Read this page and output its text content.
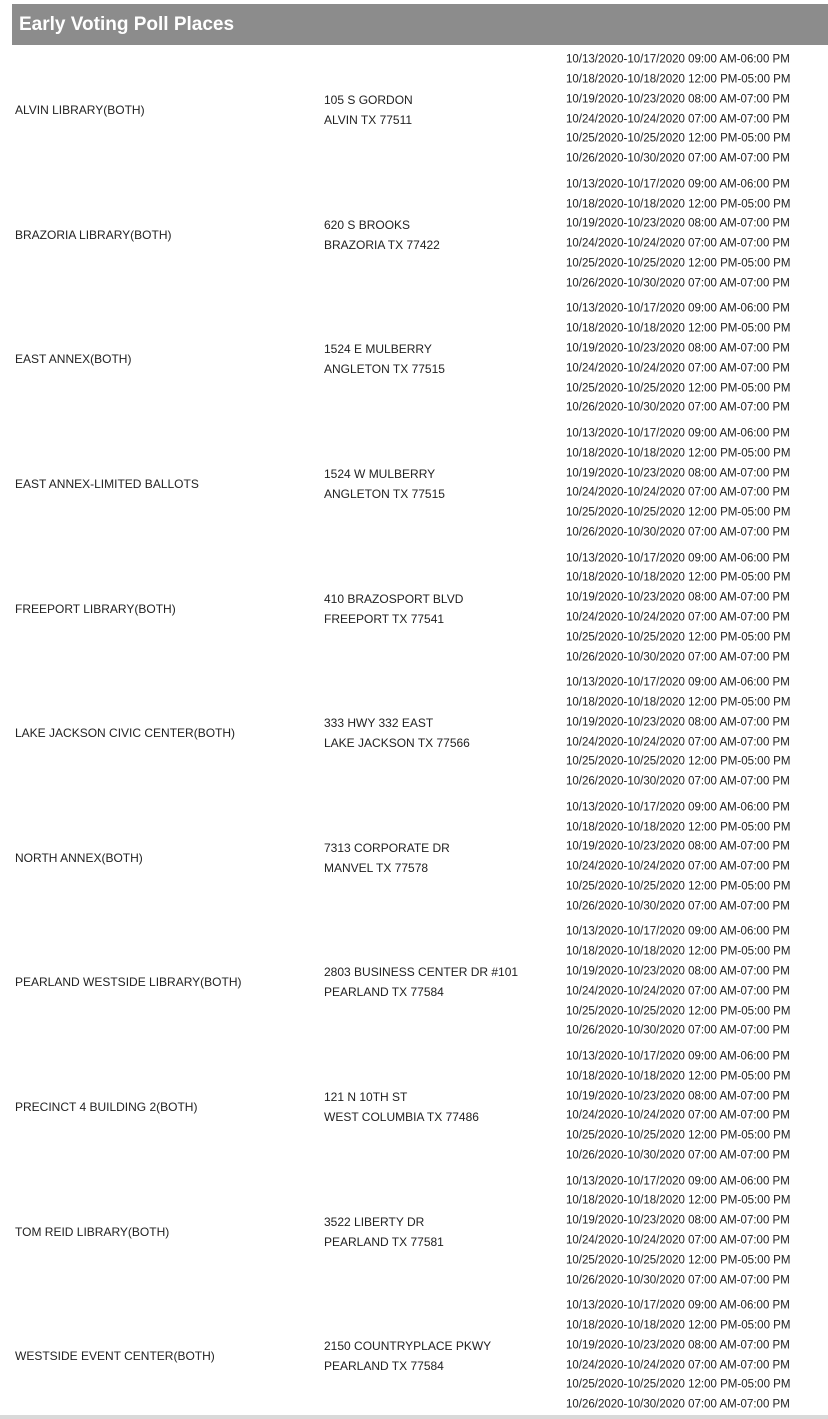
Early Voting Poll Places
ALVIN LIBRARY(BOTH)
105 S GORDON
ALVIN TX 77511
10/13/2020-10/17/2020 09:00 AM-06:00 PM
10/18/2020-10/18/2020 12:00 PM-05:00 PM
10/19/2020-10/23/2020 08:00 AM-07:00 PM
10/24/2020-10/24/2020 07:00 AM-07:00 PM
10/25/2020-10/25/2020 12:00 PM-05:00 PM
10/26/2020-10/30/2020 07:00 AM-07:00 PM
BRAZORIA LIBRARY(BOTH)
620 S BROOKS
BRAZORIA TX 77422
10/13/2020-10/17/2020 09:00 AM-06:00 PM
10/18/2020-10/18/2020 12:00 PM-05:00 PM
10/19/2020-10/23/2020 08:00 AM-07:00 PM
10/24/2020-10/24/2020 07:00 AM-07:00 PM
10/25/2020-10/25/2020 12:00 PM-05:00 PM
10/26/2020-10/30/2020 07:00 AM-07:00 PM
EAST ANNEX(BOTH)
1524 E MULBERRY
ANGLETON TX 77515
10/13/2020-10/17/2020 09:00 AM-06:00 PM
10/18/2020-10/18/2020 12:00 PM-05:00 PM
10/19/2020-10/23/2020 08:00 AM-07:00 PM
10/24/2020-10/24/2020 07:00 AM-07:00 PM
10/25/2020-10/25/2020 12:00 PM-05:00 PM
10/26/2020-10/30/2020 07:00 AM-07:00 PM
EAST ANNEX-LIMITED BALLOTS
1524 W MULBERRY
ANGLETON TX 77515
10/13/2020-10/17/2020 09:00 AM-06:00 PM
10/18/2020-10/18/2020 12:00 PM-05:00 PM
10/19/2020-10/23/2020 08:00 AM-07:00 PM
10/24/2020-10/24/2020 07:00 AM-07:00 PM
10/25/2020-10/25/2020 12:00 PM-05:00 PM
10/26/2020-10/30/2020 07:00 AM-07:00 PM
FREEPORT LIBRARY(BOTH)
410 BRAZOSPORT BLVD
FREEPORT TX 77541
10/13/2020-10/17/2020 09:00 AM-06:00 PM
10/18/2020-10/18/2020 12:00 PM-05:00 PM
10/19/2020-10/23/2020 08:00 AM-07:00 PM
10/24/2020-10/24/2020 07:00 AM-07:00 PM
10/25/2020-10/25/2020 12:00 PM-05:00 PM
10/26/2020-10/30/2020 07:00 AM-07:00 PM
LAKE JACKSON CIVIC CENTER(BOTH)
333 HWY 332 EAST
LAKE JACKSON TX 77566
10/13/2020-10/17/2020 09:00 AM-06:00 PM
10/18/2020-10/18/2020 12:00 PM-05:00 PM
10/19/2020-10/23/2020 08:00 AM-07:00 PM
10/24/2020-10/24/2020 07:00 AM-07:00 PM
10/25/2020-10/25/2020 12:00 PM-05:00 PM
10/26/2020-10/30/2020 07:00 AM-07:00 PM
NORTH ANNEX(BOTH)
7313 CORPORATE DR
MANVEL TX 77578
10/13/2020-10/17/2020 09:00 AM-06:00 PM
10/18/2020-10/18/2020 12:00 PM-05:00 PM
10/19/2020-10/23/2020 08:00 AM-07:00 PM
10/24/2020-10/24/2020 07:00 AM-07:00 PM
10/25/2020-10/25/2020 12:00 PM-05:00 PM
10/26/2020-10/30/2020 07:00 AM-07:00 PM
PEARLAND WESTSIDE LIBRARY(BOTH)
2803 BUSINESS CENTER DR #101
PEARLAND TX 77584
10/13/2020-10/17/2020 09:00 AM-06:00 PM
10/18/2020-10/18/2020 12:00 PM-05:00 PM
10/19/2020-10/23/2020 08:00 AM-07:00 PM
10/24/2020-10/24/2020 07:00 AM-07:00 PM
10/25/2020-10/25/2020 12:00 PM-05:00 PM
10/26/2020-10/30/2020 07:00 AM-07:00 PM
PRECINCT 4 BUILDING 2(BOTH)
121 N 10TH ST
WEST COLUMBIA TX 77486
10/13/2020-10/17/2020 09:00 AM-06:00 PM
10/18/2020-10/18/2020 12:00 PM-05:00 PM
10/19/2020-10/23/2020 08:00 AM-07:00 PM
10/24/2020-10/24/2020 07:00 AM-07:00 PM
10/25/2020-10/25/2020 12:00 PM-05:00 PM
10/26/2020-10/30/2020 07:00 AM-07:00 PM
TOM REID LIBRARY(BOTH)
3522 LIBERTY DR
PEARLAND TX 77581
10/13/2020-10/17/2020 09:00 AM-06:00 PM
10/18/2020-10/18/2020 12:00 PM-05:00 PM
10/19/2020-10/23/2020 08:00 AM-07:00 PM
10/24/2020-10/24/2020 07:00 AM-07:00 PM
10/25/2020-10/25/2020 12:00 PM-05:00 PM
10/26/2020-10/30/2020 07:00 AM-07:00 PM
WESTSIDE EVENT CENTER(BOTH)
2150 COUNTRYPLACE PKWY
PEARLAND TX 77584
10/13/2020-10/17/2020 09:00 AM-06:00 PM
10/18/2020-10/18/2020 12:00 PM-05:00 PM
10/19/2020-10/23/2020 08:00 AM-07:00 PM
10/24/2020-10/24/2020 07:00 AM-07:00 PM
10/25/2020-10/25/2020 12:00 PM-05:00 PM
10/26/2020-10/30/2020 07:00 AM-07:00 PM
